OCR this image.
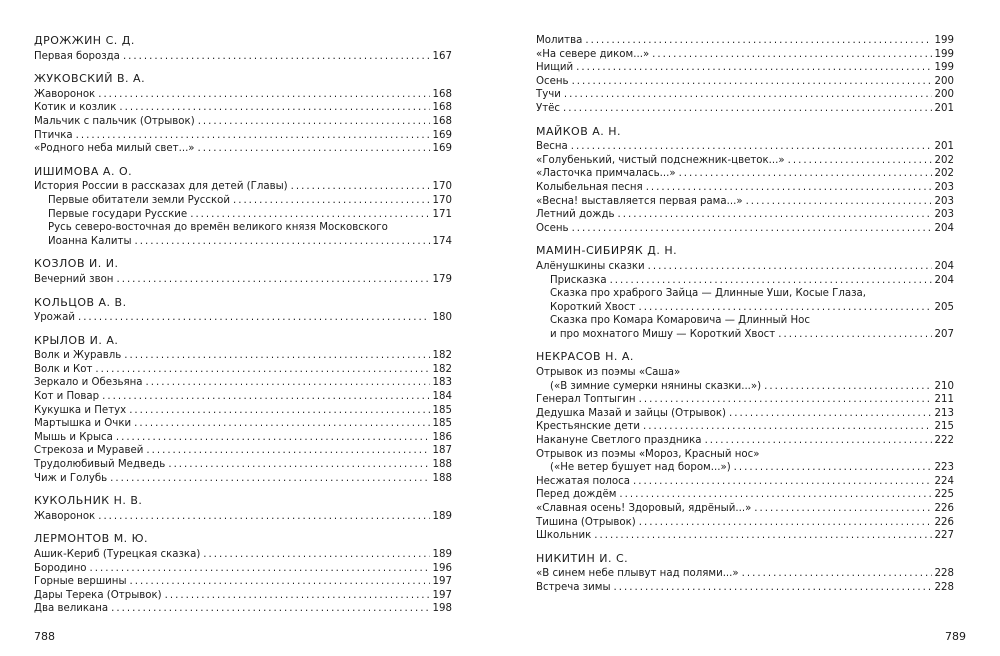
ДРОЖЖИН С. Д.
Первая борозда .....	167
ЖУКОВСКИЙ В. А.
Жаворонок .....	168
Котик и козлик .....	168
Мальчик с пальчик (Отрывок) .....	168
Птичка .....	169
«Родного неба милый свет...» .....	169
ИШИМОВА А. О.
История России в рассказах для детей (Главы) .....	170
Первые обитатели земли Русской .....	170
Первые государи Русские .....	171
Русь северо-восточная до времён великого князя Московского
Иоанна Калиты .....	174
КОЗЛОВ И. И.
Вечерний звон .....	179
КОЛЬЦОВ А. В.
Урожай .....	180
КРЫЛОВ И. А.
Волк и Журавль .....	182
Волк и Кот .....	182
Зеркало и Обезьяна .....	183
Кот и Повар .....	184
Кукушка и Петух .....	185
Мартышка и Очки .....	185
Мышь и Крыса .....	186
Стрекоза и Муравей .....	187
Трудолюбивый Медведь .....	188
Чиж и Голубь .....	188
КУКОЛЬНИК Н. В.
Жаворонок .....	189
ЛЕРМОНТОВ М. Ю.
Ашик-Кериб (Турецкая сказка) .....	189
Бородино .....	196
Горные вершины .....	197
Дары Терека (Отрывок) .....	197
Два великана .....	198
Молитва .....	199
«На севере диком...» .....	199
Нищий .....	199
Осень .....	200
Тучи .....	200
Утёс .....	201
МАЙКОВ А. Н.
Весна .....	201
«Голубенький, чистый подснежник-цветок...» .....	202
«Ласточка примчалась...» .....	202
Колыбельная песня .....	203
«Весна! выставляется первая рама...» .....	203
Летний дождь .....	203
Осень .....	204
МАМИН-СИБИРЯК Д. Н.
Алёнушкины сказки .....	204
Присказка .....	204
Сказка про храброго Зайца — Длинные Уши, Косые Глаза,
Короткий Хвост .....	205
Сказка про Комара Комаровича — Длинный Нос
и про мохнатого Мишу — Короткий Хвост .....	207
НЕКРАСОВ Н. А.
Отрывок из поэмы «Саша»
(«В зимние сумерки нянины сказки...») .....	210
Генерал Топтыгин .....	211
Дедушка Мазай и зайцы (Отрывок) .....	213
Крестьянские дети .....	215
Накануне Светлого праздника .....	222
Отрывок из поэмы «Мороз, Красный нос»
(«Не ветер бушует над бором...») .....	223
Несжатая полоса .....	224
Перед дождём .....	225
«Славная осень! Здоровый, ядрёный...» .....	226
Тишина (Отрывок) .....	226
Школьник .....	227
НИКИТИН И. С.
«В синем небе плывут над полями...» .....	228
Встреча зимы .....	228
788	789
